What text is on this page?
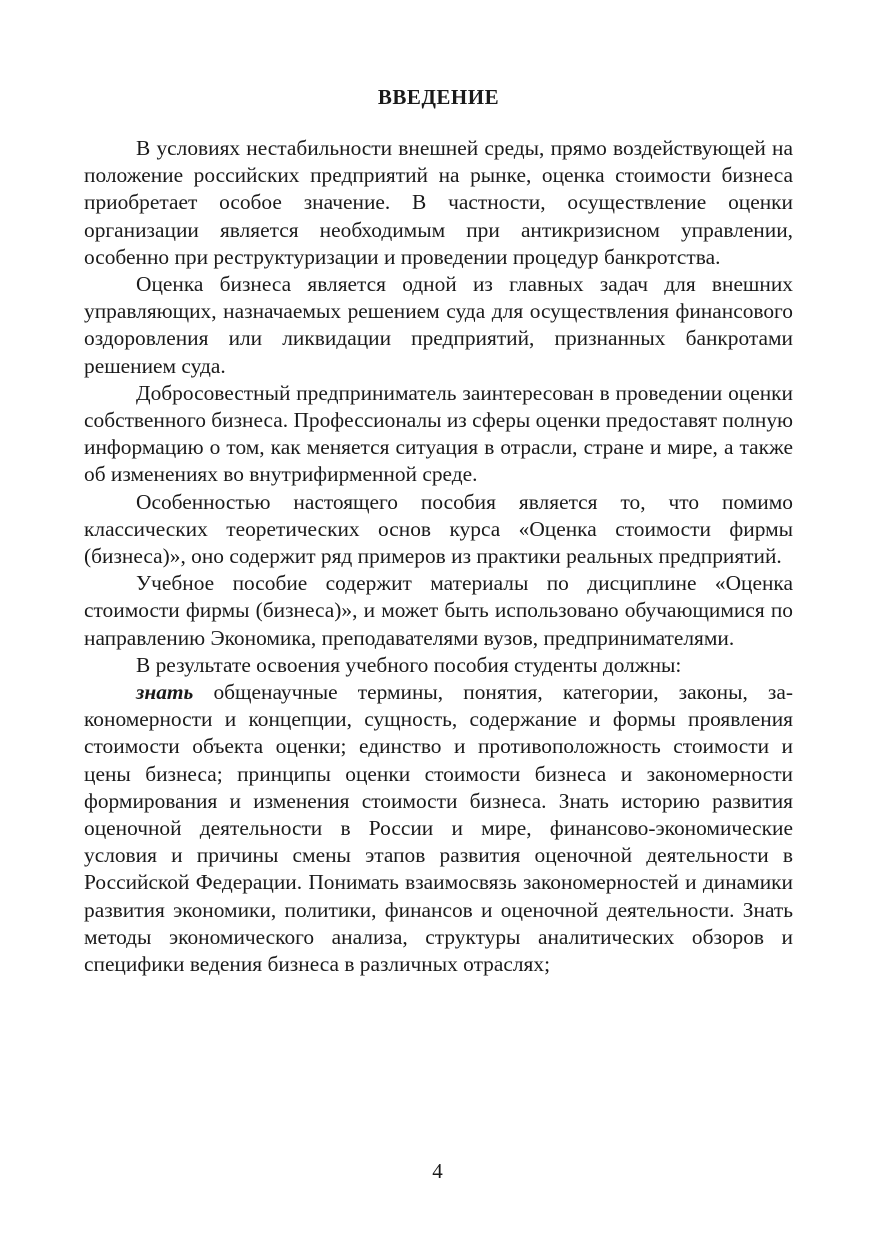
ВВЕДЕНИЕ

В условиях нестабильности внешней среды, прямо воздействующей на положение российских предприятий на рынке, оценка стоимости бизнеса приобретает особое значение. В частности, осуществление оценки организации является необходимым при антикризисном управлении, особенно при реструктуризации и проведении процедур банкротства.

Оценка бизнеса является одной из главных задач для внешних управляющих, назначаемых решением суда для осуществления финансового оздоровления или ликвидации предприятий, признанных банкротами решением суда.

Добросовестный предприниматель заинтересован в проведении оценки собственного бизнеса. Профессионалы из сферы оценки предоставят полную информацию о том, как меняется ситуация в отрасли, стране и мире, а также об изменениях во внутрифирменной среде.

Особенностью настоящего пособия является то, что помимо классических теоретических основ курса «Оценка стоимости фирмы (бизнеса)», оно содержит ряд примеров из практики реальных предприятий.

Учебное пособие содержит материалы по дисциплине «Оценка стоимости фирмы (бизнеса)», и может быть использовано обучающимися по направлению Экономика, преподавателями вузов, предпринимателями.

В результате освоения учебного пособия студенты должны:

знать общенаучные термины, понятия, категории, законы, закономерности и концепции, сущность, содержание и формы проявления стоимости объекта оценки; единство и противоположность стоимости и цены бизнеса; принципы оценки стоимости бизнеса и закономерности формирования и изменения стоимости бизнеса. Знать историю развития оценочной деятельности в России и мире, финансово-экономические условия и причины смены этапов развития оценочной деятельности в Российской Федерации. Понимать взаимосвязь закономерностей и динамики развития экономики, политики, финансов и оценочной деятельности. Знать методы экономического анализа, структуры аналитических обзоров и специфики ведения бизнеса в различных отраслях;

4
